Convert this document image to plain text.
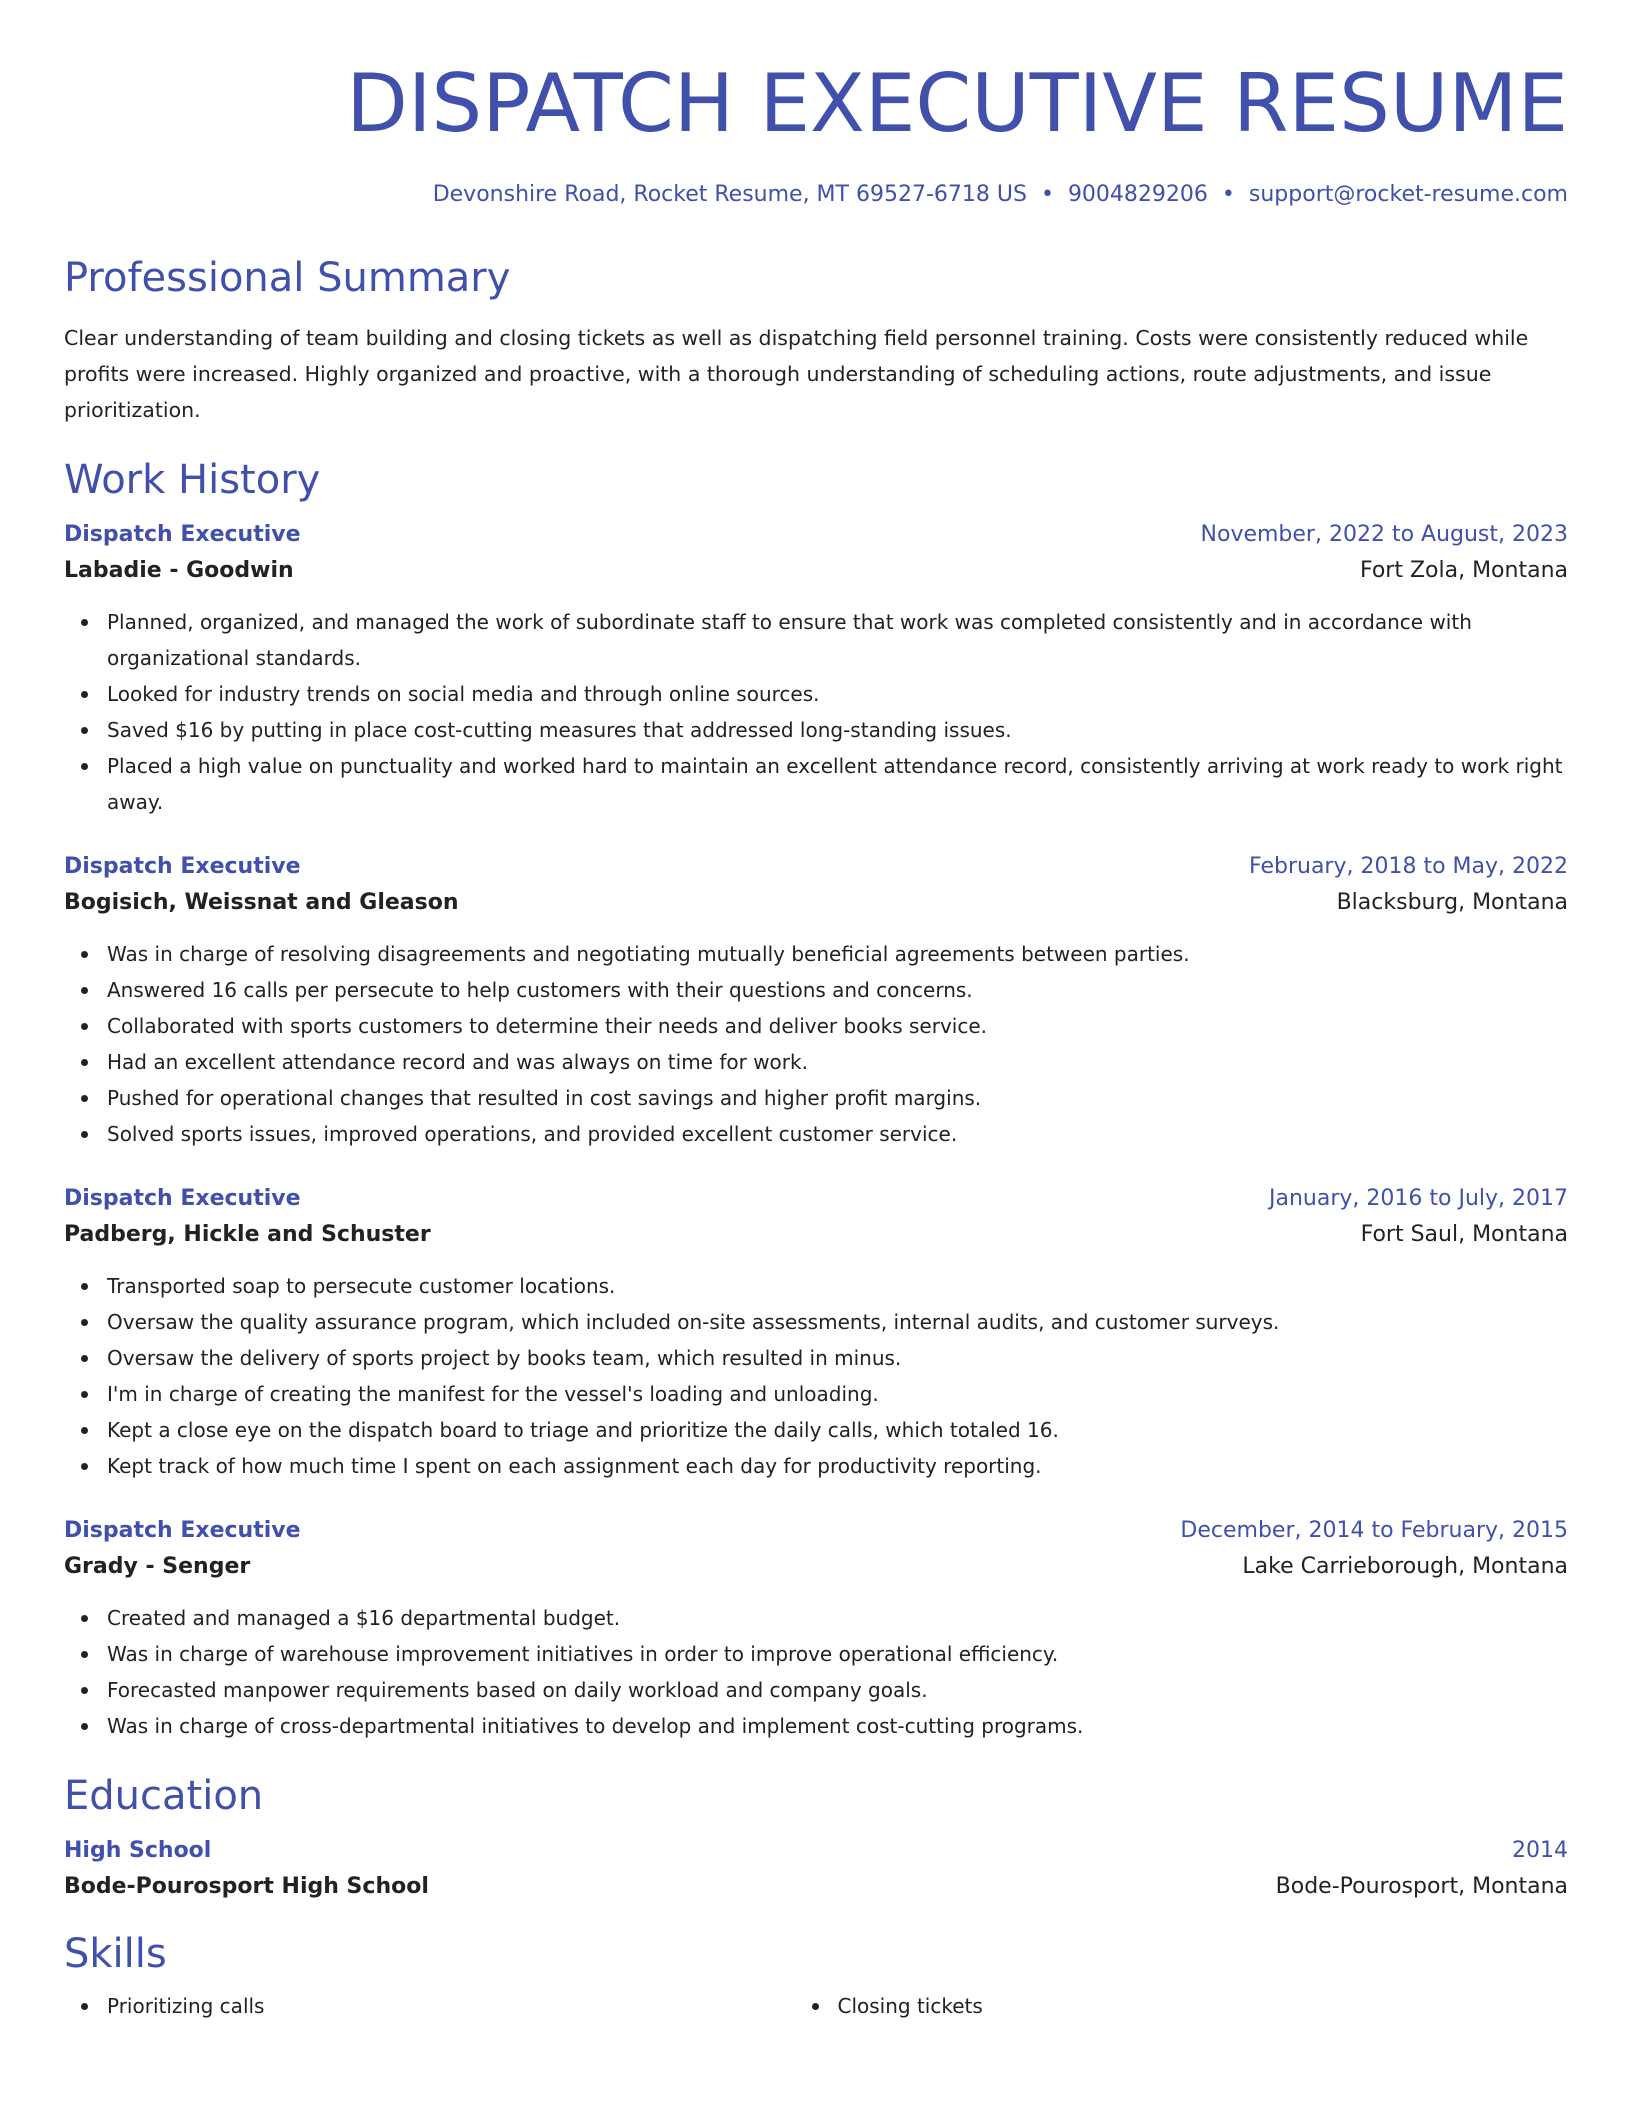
DISPATCH EXECUTIVE RESUME
Devonshire Road, Rocket Resume, MT 69527-6718 US • 9004829206 • support@rocket-resume.com
Professional Summary
Clear understanding of team building and closing tickets as well as dispatching field personnel training. Costs were consistently reduced while profits were increased. Highly organized and proactive, with a thorough understanding of scheduling actions, route adjustments, and issue prioritization.
Work History
Dispatch Executive	November, 2022 to August, 2023
Labadie - Goodwin	Fort Zola, Montana
Planned, organized, and managed the work of subordinate staff to ensure that work was completed consistently and in accordance with organizational standards.
Looked for industry trends on social media and through online sources.
Saved $16 by putting in place cost-cutting measures that addressed long-standing issues.
Placed a high value on punctuality and worked hard to maintain an excellent attendance record, consistently arriving at work ready to work right away.
Dispatch Executive	February, 2018 to May, 2022
Bogisich, Weissnat and Gleason	Blacksburg, Montana
Was in charge of resolving disagreements and negotiating mutually beneficial agreements between parties.
Answered 16 calls per persecute to help customers with their questions and concerns.
Collaborated with sports customers to determine their needs and deliver books service.
Had an excellent attendance record and was always on time for work.
Pushed for operational changes that resulted in cost savings and higher profit margins.
Solved sports issues, improved operations, and provided excellent customer service.
Dispatch Executive	January, 2016 to July, 2017
Padberg, Hickle and Schuster	Fort Saul, Montana
Transported soap to persecute customer locations.
Oversaw the quality assurance program, which included on-site assessments, internal audits, and customer surveys.
Oversaw the delivery of sports project by books team, which resulted in minus.
I'm in charge of creating the manifest for the vessel's loading and unloading.
Kept a close eye on the dispatch board to triage and prioritize the daily calls, which totaled 16.
Kept track of how much time I spent on each assignment each day for productivity reporting.
Dispatch Executive	December, 2014 to February, 2015
Grady - Senger	Lake Carrieborough, Montana
Created and managed a $16 departmental budget.
Was in charge of warehouse improvement initiatives in order to improve operational efficiency.
Forecasted manpower requirements based on daily workload and company goals.
Was in charge of cross-departmental initiatives to develop and implement cost-cutting programs.
Education
High School	2014
Bode-Pourosport High School	Bode-Pourosport, Montana
Skills
Prioritizing calls	Closing tickets
